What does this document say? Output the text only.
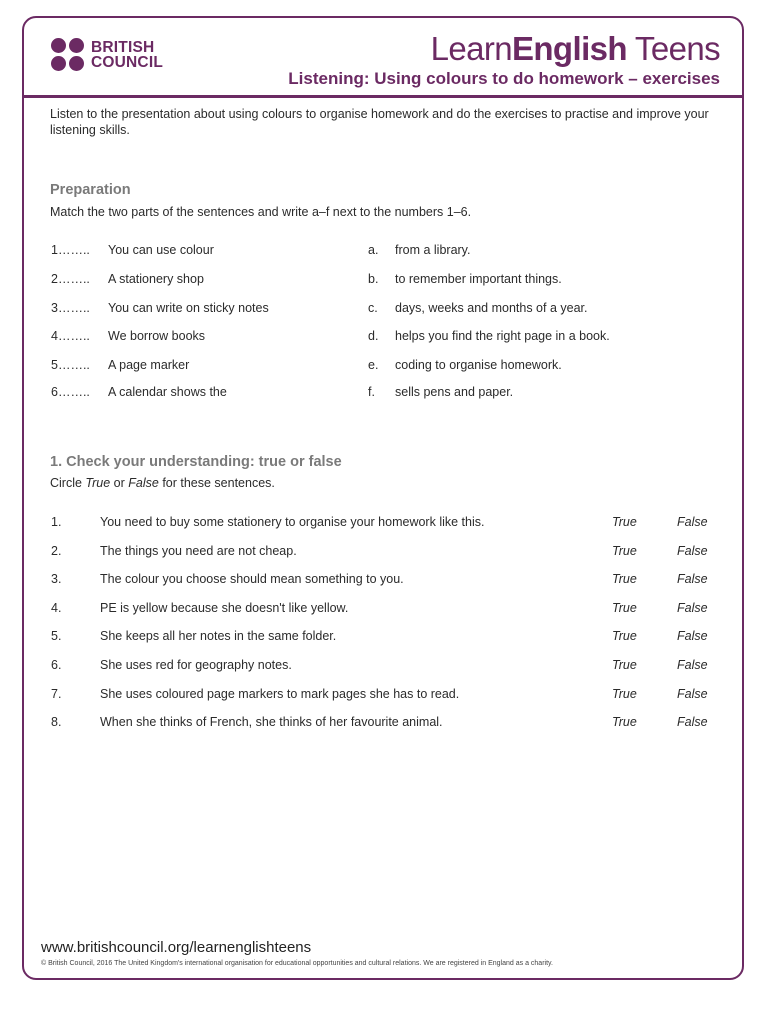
BRITISH
COUNCIL	LearnEnglish Teens
Listening: Using colours to do homework – exercises
Listen to the presentation about using colours to organise homework and do the exercises to practise and improve your listening skills.
Preparation
Match the two parts of the sentences and write a–f next to the numbers 1–6.
1…….. You can use colour	a. from a library.
2…….. A stationery shop	b. to remember important things.
3…….. You can write on sticky notes	c. days, weeks and months of a year.
4…….. We borrow books	d. helps you find the right page in a book.
5…….. A page marker	e. coding to organise homework.
6…….. A calendar shows the	f. sells pens and paper.
1. Check your understanding: true or false
Circle True or False for these sentences.
1.	You need to buy some stationery to organise your homework like this.	True	False
2.	The things you need are not cheap.	True	False
3.	The colour you choose should mean something to you.	True	False
4.	PE is yellow because she doesn't like yellow.	True	False
5.	She keeps all her notes in the same folder.	True	False
6.	She uses red for geography notes.	True	False
7.	She uses coloured page markers to mark pages she has to read.	True	False
8.	When she thinks of French, she thinks of her favourite animal.	True	False
www.britishcouncil.org/learnenglishteens
© British Council, 2016 The United Kingdom's international organisation for educational opportunities and cultural relations. We are registered in England as a charity.
